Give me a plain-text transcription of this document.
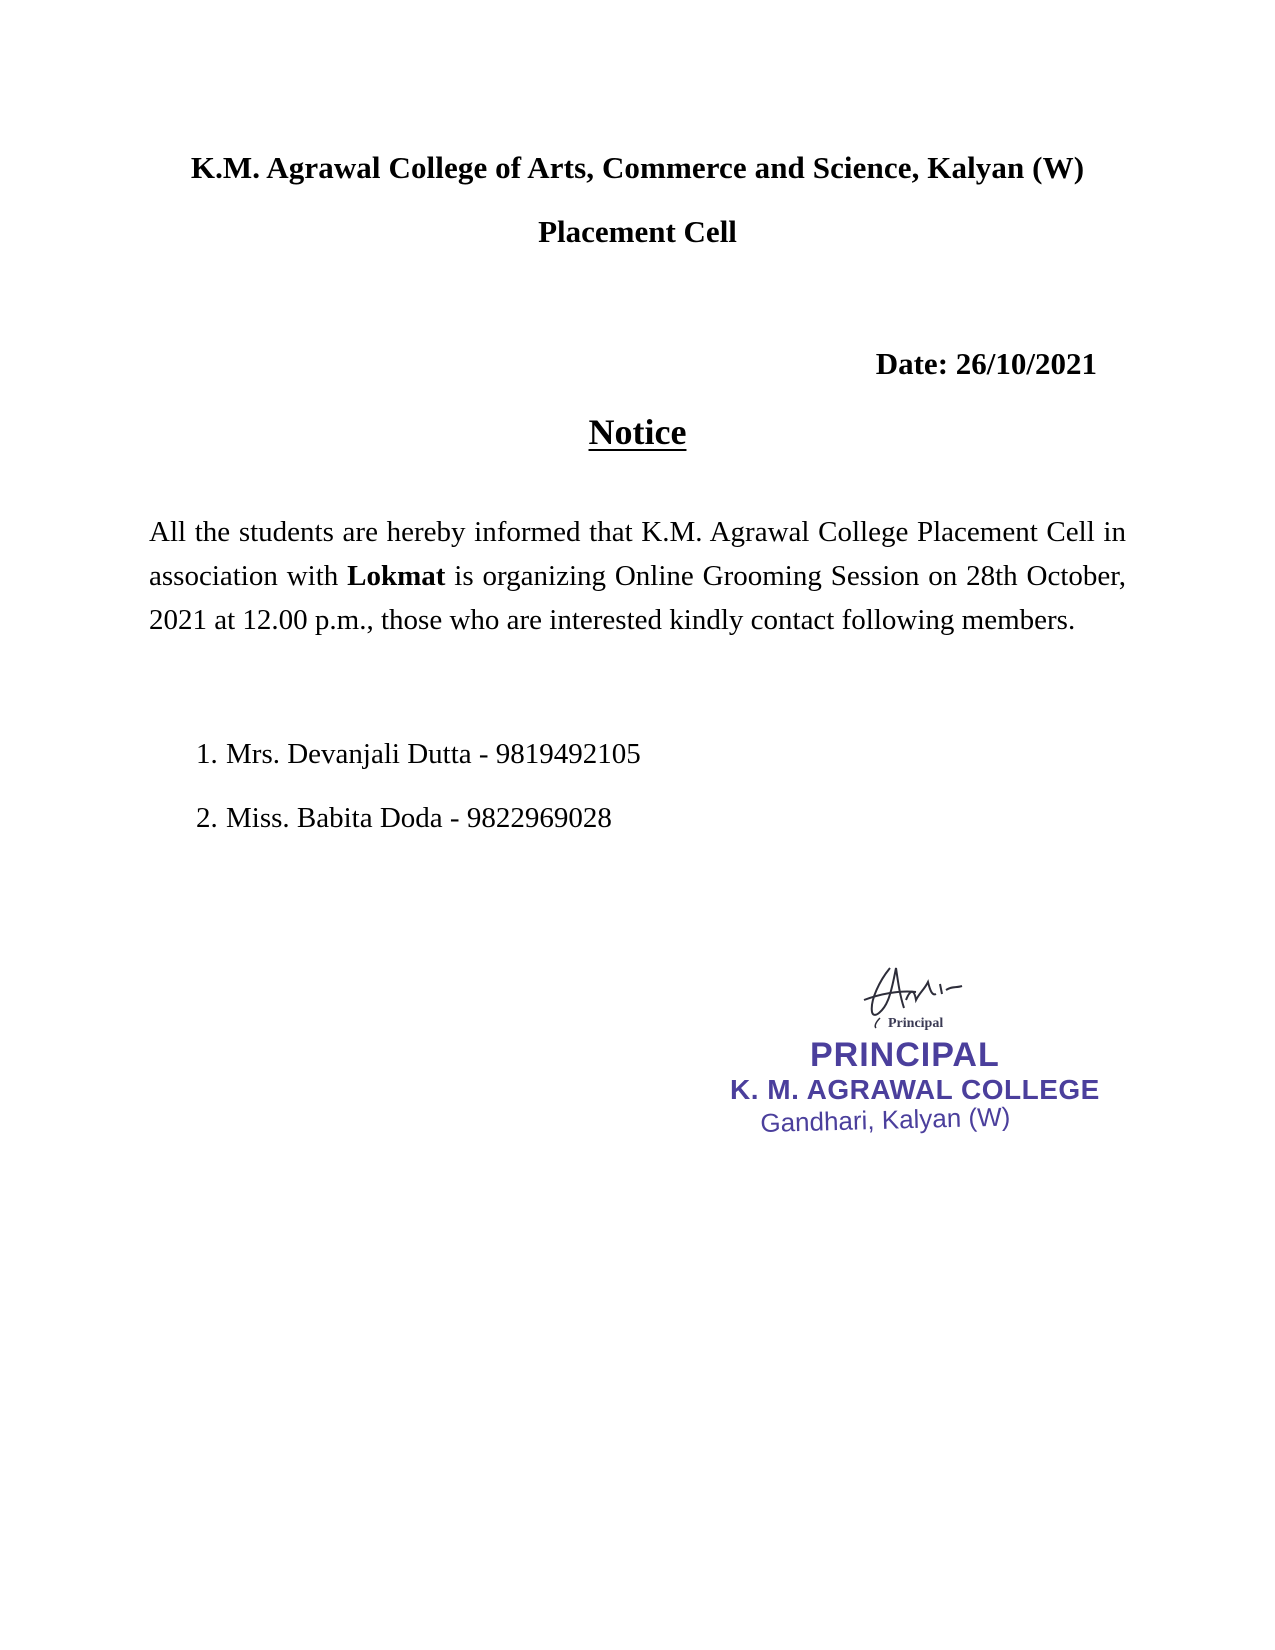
K.M. Agrawal College of Arts, Commerce and Science, Kalyan (W)
Placement Cell
Date: 26/10/2021
Notice

All the students are hereby informed that K.M. Agrawal College Placement Cell in association with Lokmat is organizing Online Grooming Session on 28th October, 2021 at 12.00 p.m., those who are interested kindly contact following members.

1. Mrs. Devanjali Dutta - 9819492105
2. Miss. Babita Doda - 9822969028
Principal
PRINCIPAL
K. M. AGRAWAL COLLEGE
Gandhari, Kalyan (W)
